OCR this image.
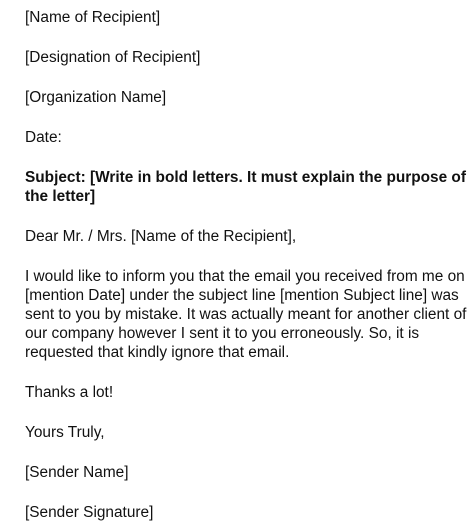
[Name of Recipient]

[Designation of Recipient]

[Organization Name]

Date:

Subject: [Write in bold letters. It must explain the purpose of the letter]

Dear Mr. / Mrs. [Name of the Recipient],

I would like to inform you that the email you received from me on [mention Date] under the subject line [mention Subject line] was sent to you by mistake. It was actually meant for another client of our company however I sent it to you erroneously. So, it is requested that kindly ignore that email.

Thanks a lot!

Yours Truly,

[Sender Name]

[Sender Signature]
